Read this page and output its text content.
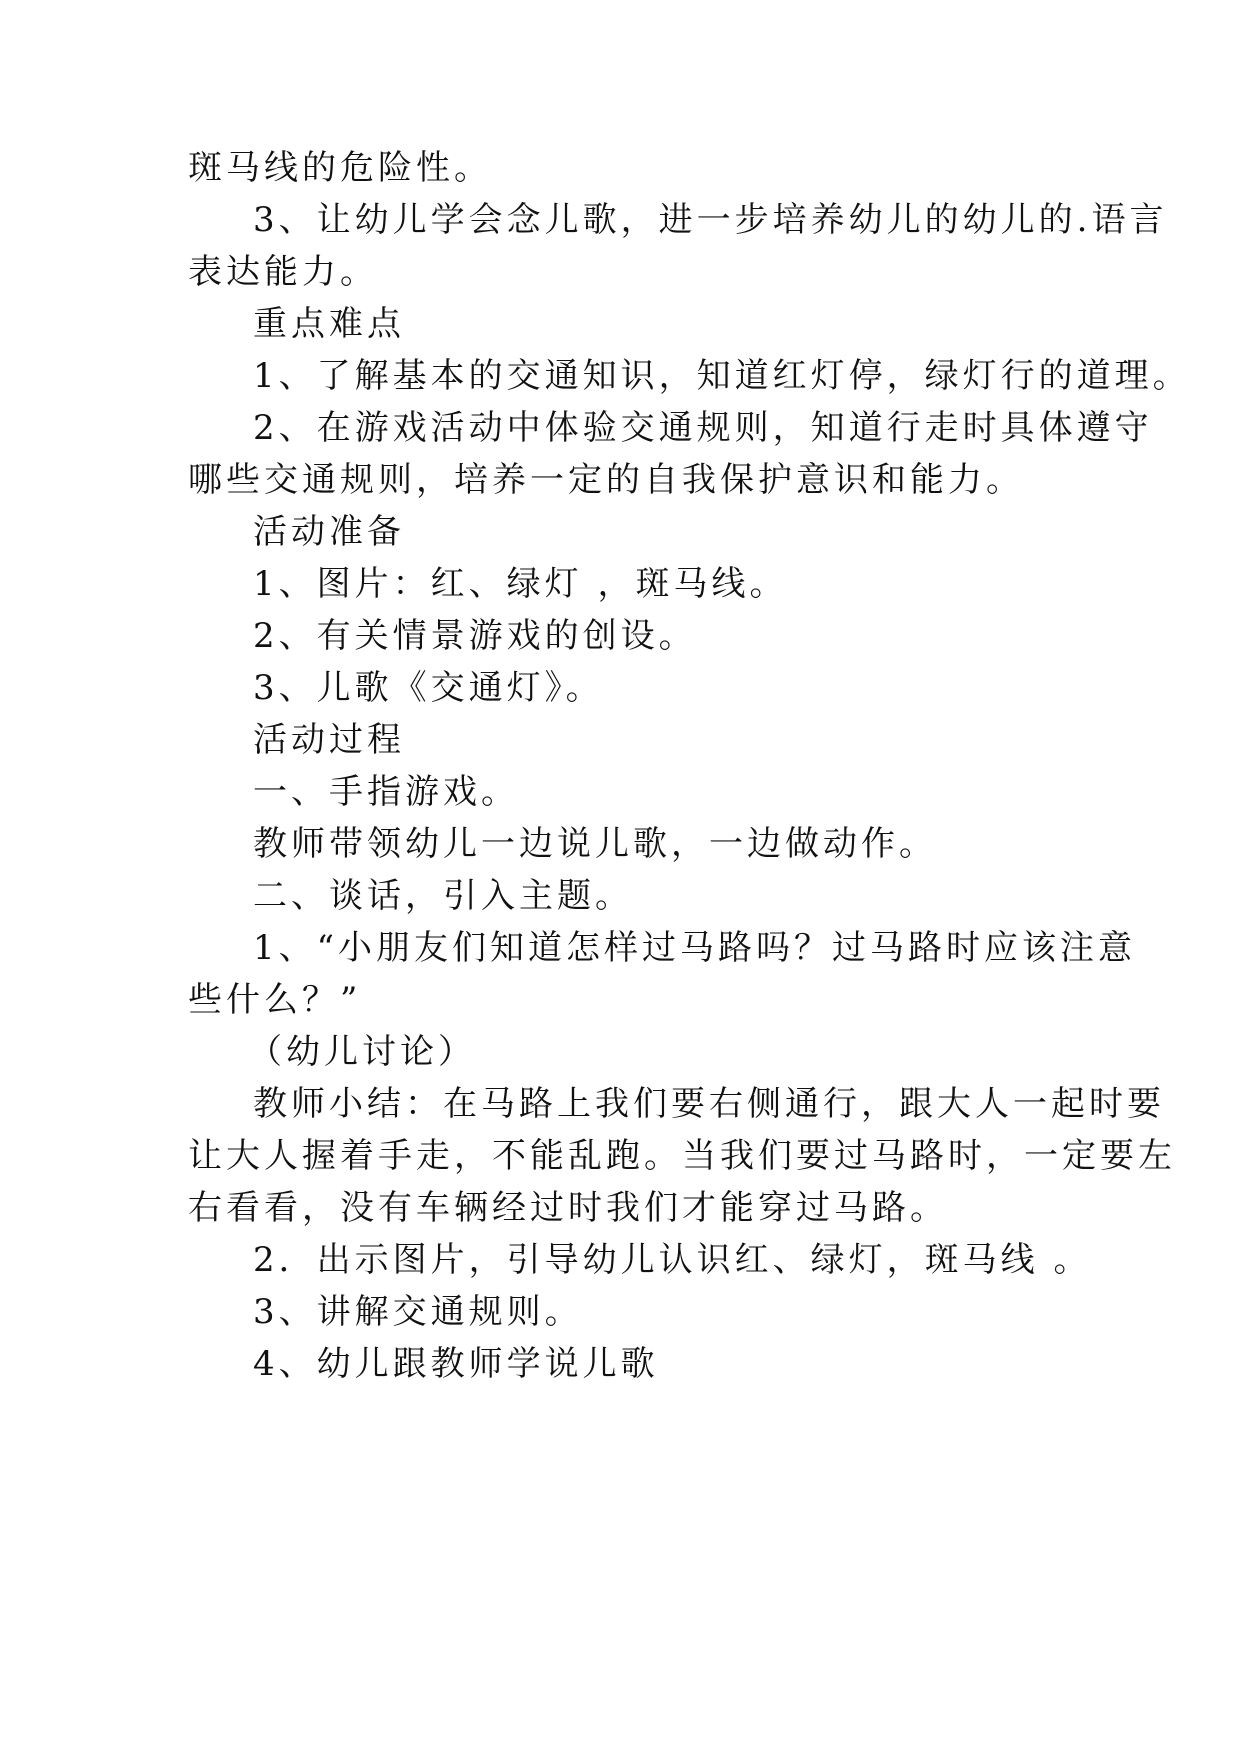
斑马线的危险性。
3、让幼儿学会念儿歌，进一步培养幼儿的幼儿的.语言
表达能力。
重点难点
1、了解基本的交通知识，知道红灯停，绿灯行的道理。
2、在游戏活动中体验交通规则，知道行走时具体遵守
哪些交通规则，培养一定的自我保护意识和能力。
活动准备
1、图片：红、绿灯 ，斑马线。
2、有关情景游戏的创设。
3、儿歌《交通灯》。
活动过程
一、手指游戏。
教师带领幼儿一边说儿歌，一边做动作。
二、谈话，引入主题。
1、“小朋友们知道怎样过马路吗？过马路时应该注意
些什么？”
（幼儿讨论）
教师小结：在马路上我们要右侧通行，跟大人一起时要
让大人握着手走，不能乱跑。当我们要过马路时，一定要左
右看看，没有车辆经过时我们才能穿过马路。
2．出示图片，引导幼儿认识红、绿灯，斑马线 。
3、讲解交通规则。
4、幼儿跟教师学说儿歌
